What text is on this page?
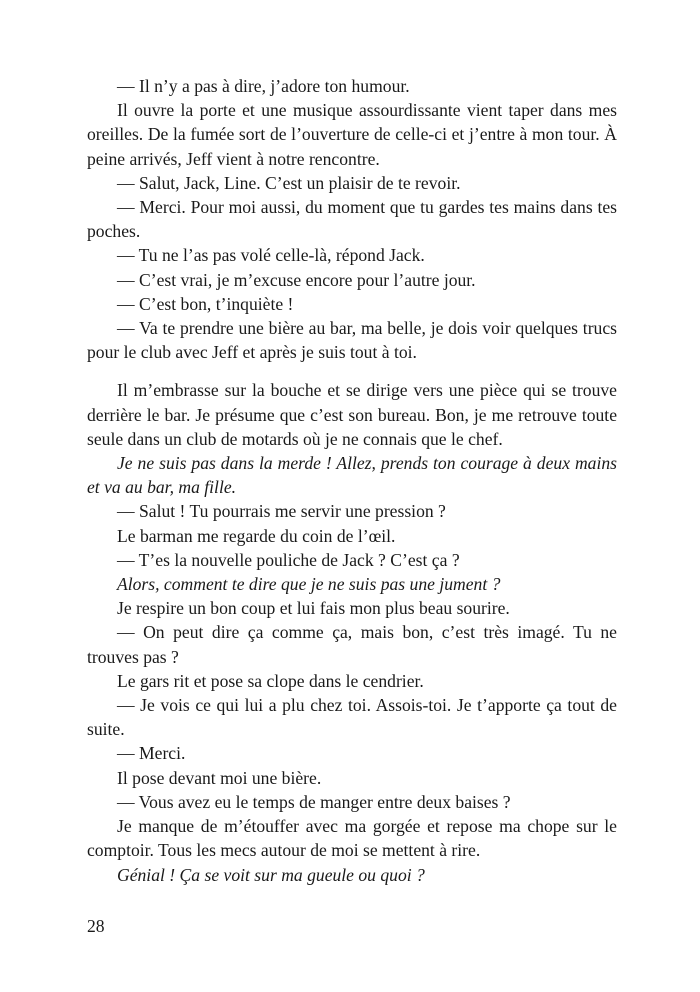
— Il n’y a pas à dire, j’adore ton humour.

Il ouvre la porte et une musique assourdissante vient taper dans mes oreilles. De la fumée sort de l’ouverture de celle-ci et j’entre à mon tour. À peine arrivés, Jeff vient à notre rencontre.

— Salut, Jack, Line. C’est un plaisir de te revoir.

— Merci. Pour moi aussi, du moment que tu gardes tes mains dans tes poches.

— Tu ne l’as pas volé celle-là, répond Jack.

— C’est vrai, je m’excuse encore pour l’autre jour.

— C’est bon, t’inquiète !

— Va te prendre une bière au bar, ma belle, je dois voir quelques trucs pour le club avec Jeff et après je suis tout à toi.

Il m’embrasse sur la bouche et se dirige vers une pièce qui se trouve derrière le bar. Je présume que c’est son bureau. Bon, je me retrouve toute seule dans un club de motards où je ne connais que le chef.

Je ne suis pas dans la merde ! Allez, prends ton courage à deux mains et va au bar, ma fille.

— Salut ! Tu pourrais me servir une pression ?

Le barman me regarde du coin de l’œil.

— T’es la nouvelle pouliche de Jack ? C’est ça ?

Alors, comment te dire que je ne suis pas une jument ?

Je respire un bon coup et lui fais mon plus beau sourire.

— On peut dire ça comme ça, mais bon, c’est très imagé. Tu ne trouves pas ?

Le gars rit et pose sa clope dans le cendrier.

— Je vois ce qui lui a plu chez toi. Assois-toi. Je t’apporte ça tout de suite.

— Merci.

Il pose devant moi une bière.

— Vous avez eu le temps de manger entre deux baises ?

Je manque de m’étouffer avec ma gorgée et repose ma chope sur le comptoir. Tous les mecs autour de moi se mettent à rire.

Génial ! Ça se voit sur ma gueule ou quoi ?

28
